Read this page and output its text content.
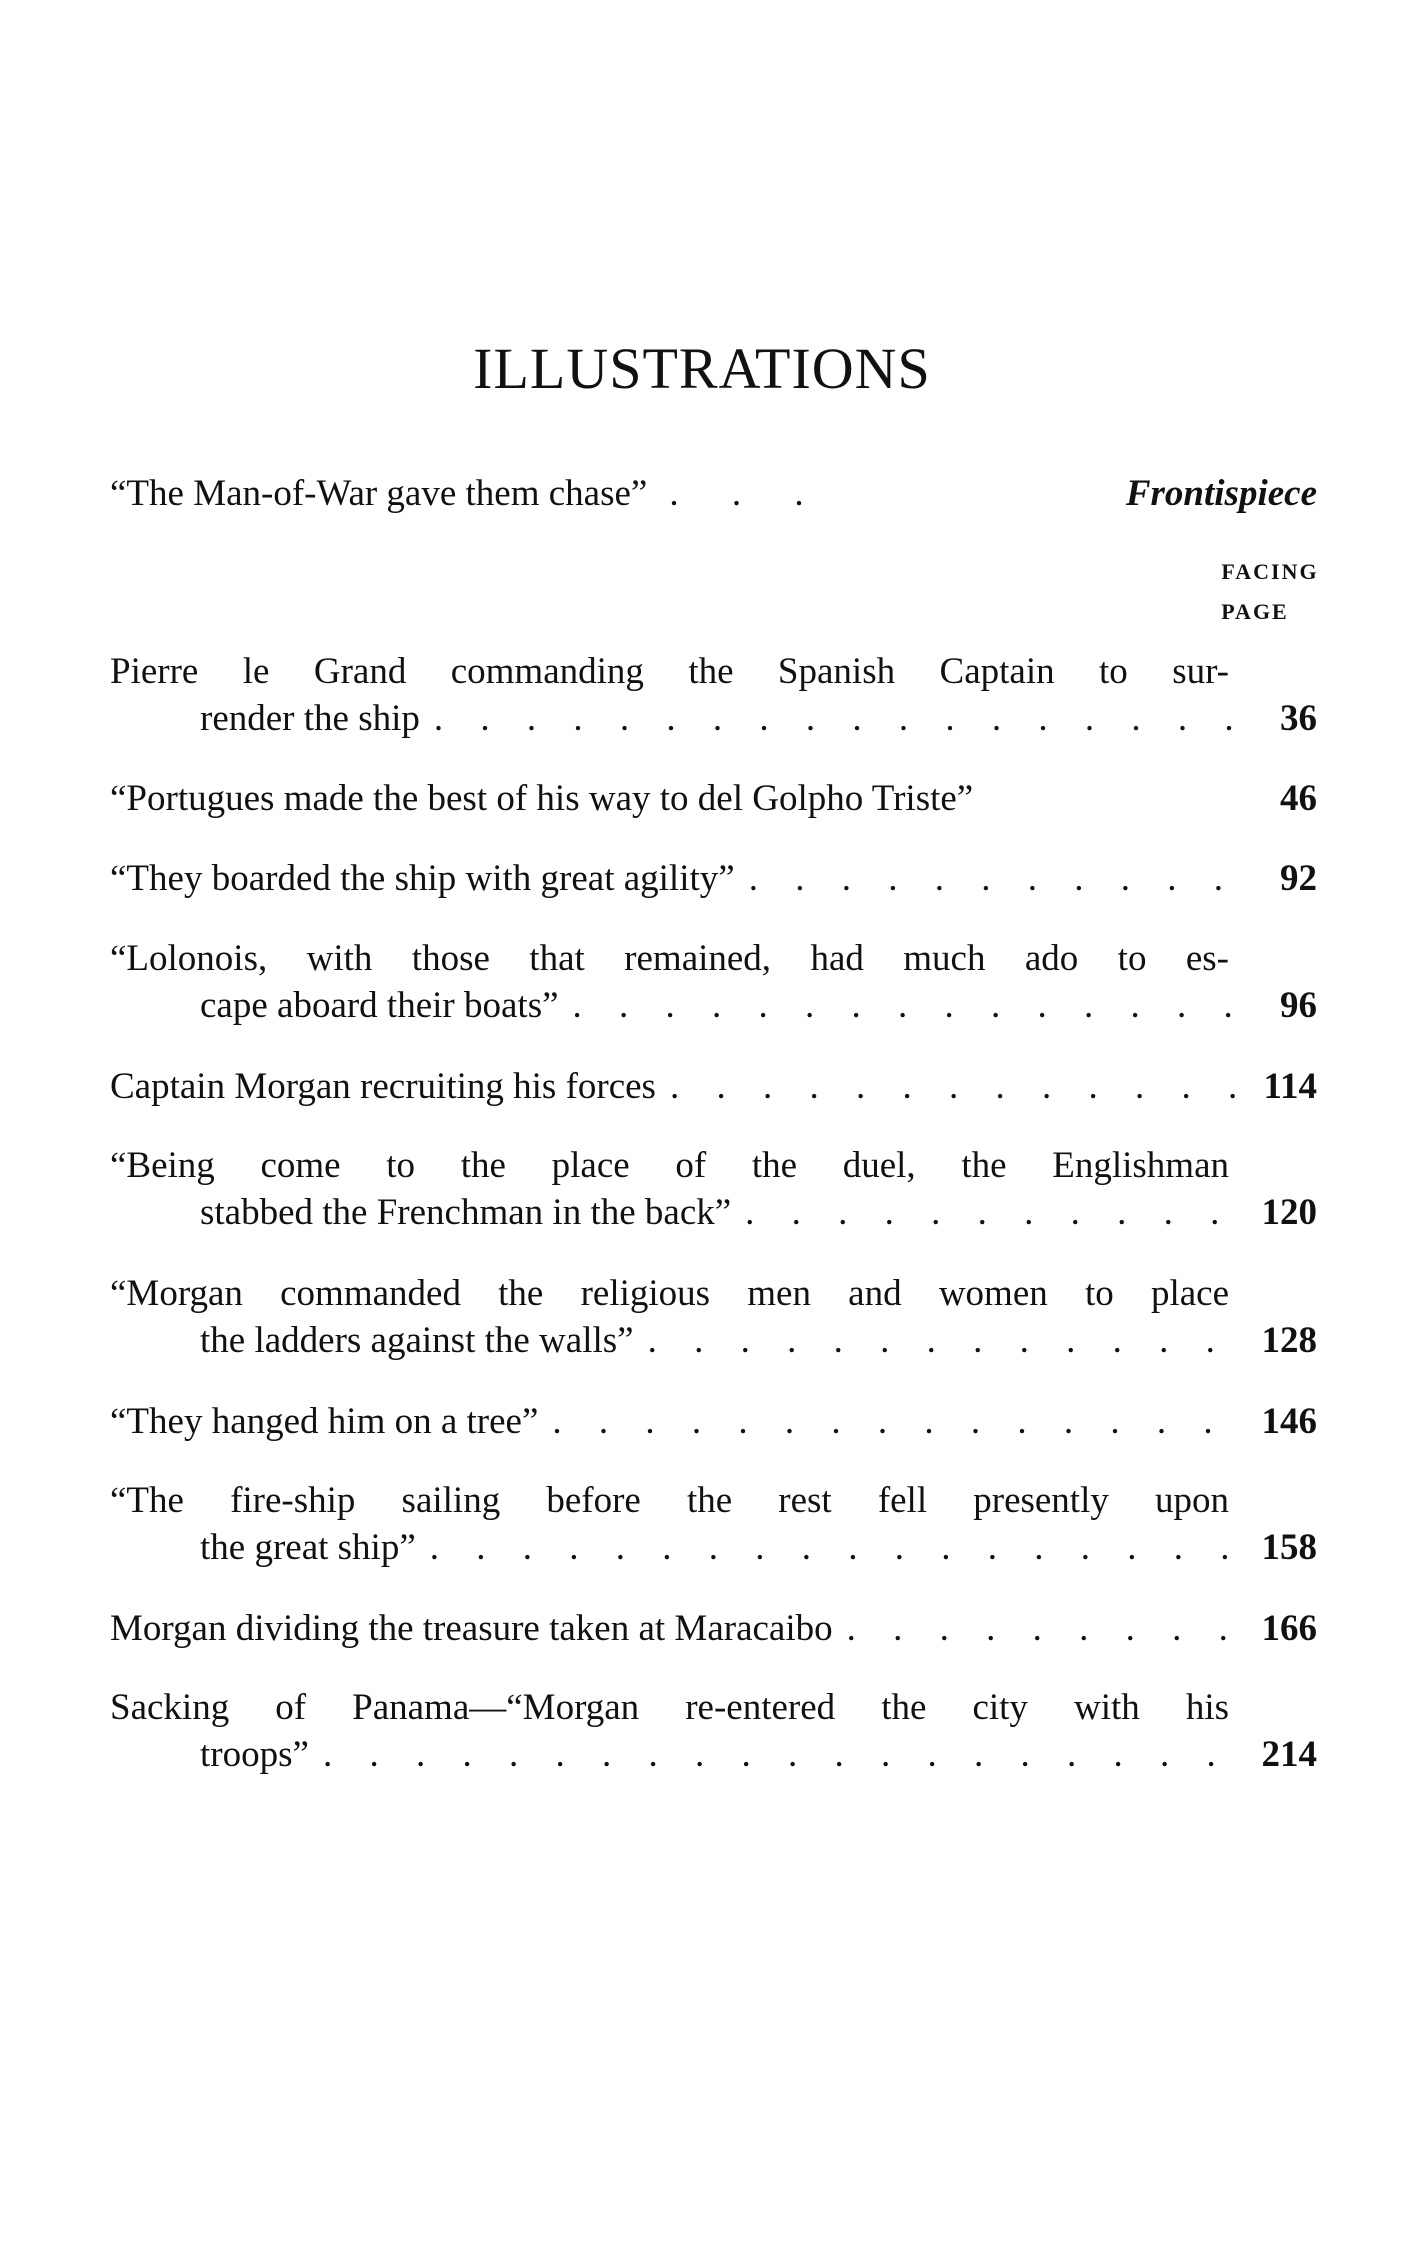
ILLUSTRATIONS
“The Man-of-War gave them chase” . . .	Frontispiece
FACING
PAGE
Pierre le Grand commanding the Spanish Captain to sur-
render the ship . . .	36
“Portugues made the best of his way to del Golpho Triste”	46
“They boarded the ship with great agility” . . .	92
“Lolonois, with those that remained, had much ado to es-
cape aboard their boats” . . .	96
Captain Morgan recruiting his forces . . .	114
“Being come to the place of the duel, the Englishman
stabbed the Frenchman in the back” . . .	120
“Morgan commanded the religious men and women to place
the ladders against the walls” . . .	128
“They hanged him on a tree” . . .	146
“The fire-ship sailing before the rest fell presently upon
the great ship” . . .	158
Morgan dividing the treasure taken at Maracaibo . . .	166
Sacking of Panama—“Morgan re-entered the city with his
troops” . . .	214
